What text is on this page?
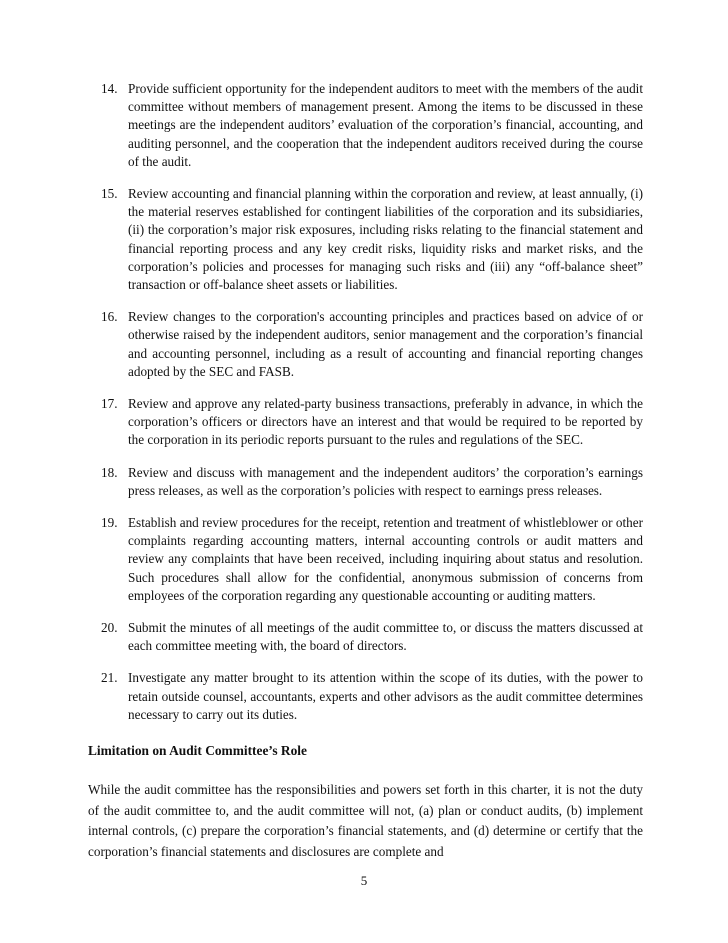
14. Provide sufficient opportunity for the independent auditors to meet with the members of the audit committee without members of management present. Among the items to be discussed in these meetings are the independent auditors’ evaluation of the corporation’s financial, accounting, and auditing personnel, and the cooperation that the independent auditors received during the course of the audit.
15. Review accounting and financial planning within the corporation and review, at least annually, (i) the material reserves established for contingent liabilities of the corporation and its subsidiaries, (ii) the corporation’s major risk exposures, including risks relating to the financial statement and financial reporting process and any key credit risks, liquidity risks and market risks, and the corporation’s policies and processes for managing such risks and (iii) any “off-balance sheet” transaction or off-balance sheet assets or liabilities.
16. Review changes to the corporation's accounting principles and practices based on advice of or otherwise raised by the independent auditors, senior management and the corporation’s financial and accounting personnel, including as a result of accounting and financial reporting changes adopted by the SEC and FASB.
17. Review and approve any related-party business transactions, preferably in advance, in which the corporation’s officers or directors have an interest and that would be required to be reported by the corporation in its periodic reports pursuant to the rules and regulations of the SEC.
18. Review and discuss with management and the independent auditors’ the corporation’s earnings press releases, as well as the corporation’s policies with respect to earnings press releases.
19. Establish and review procedures for the receipt, retention and treatment of whistleblower or other complaints regarding accounting matters, internal accounting controls or audit matters and review any complaints that have been received, including inquiring about status and resolution. Such procedures shall allow for the confidential, anonymous submission of concerns from employees of the corporation regarding any questionable accounting or auditing matters.
20. Submit the minutes of all meetings of the audit committee to, or discuss the matters discussed at each committee meeting with, the board of directors.
21. Investigate any matter brought to its attention within the scope of its duties, with the power to retain outside counsel, accountants, experts and other advisors as the audit committee determines necessary to carry out its duties.
Limitation on Audit Committee’s Role
While the audit committee has the responsibilities and powers set forth in this charter, it is not the duty of the audit committee to, and the audit committee will not, (a) plan or conduct audits, (b) implement internal controls, (c) prepare the corporation’s financial statements, and (d) determine or certify that the corporation’s financial statements and disclosures are complete and
5
